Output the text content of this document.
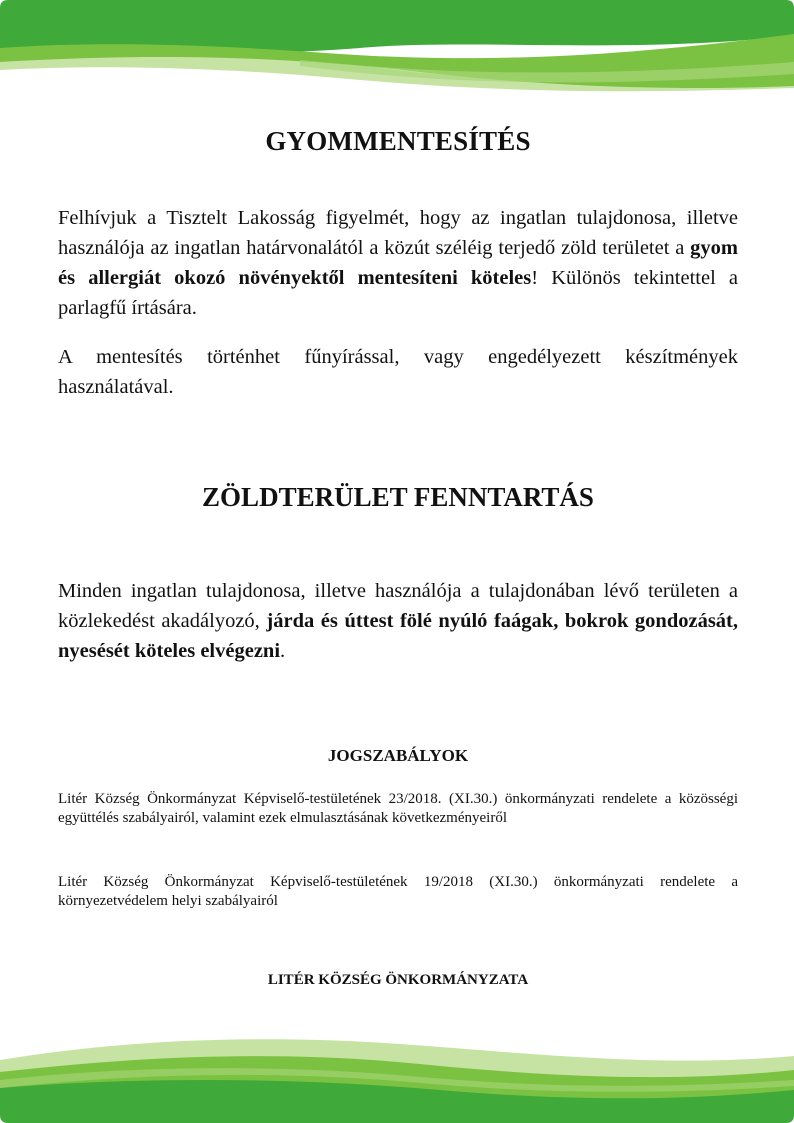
GYOMMENTESÍTÉS

Felhívjuk a Tisztelt Lakosság figyelmét, hogy az ingatlan tulajdonosa, illetve használója az ingatlan határvonalától a közút széléig terjedő zöld területet a gyom és allergiát okozó növényektől mentesíteni köteles! Különös tekintettel a parlagfű írtására.

A mentesítés történhet fűnyírással, vagy engedélyezett készítmények használatával.

ZÖLDTERÜLET FENNTARTÁS

Minden ingatlan tulajdonosa, illetve használója a tulajdonában lévő területen a közlekedést akadályozó, járda és úttest fölé nyúló faágak, bokrok gondozását, nyesését köteles elvégezni.

JOGSZABÁLYOK

Litér Község Önkormányzat Képviselő-testületének 23/2018. (XI.30.) önkormányzati rendelete a közösségi együttélés szabályairól, valamint ezek elmulasztásának következményeiről

Litér Község Önkormányzat Képviselő-testületének 19/2018 (XI.30.) önkormányzati rendelete a környezetvédelem helyi szabályairól

LITÉR KÖZSÉG ÖNKORMÁNYZATA
